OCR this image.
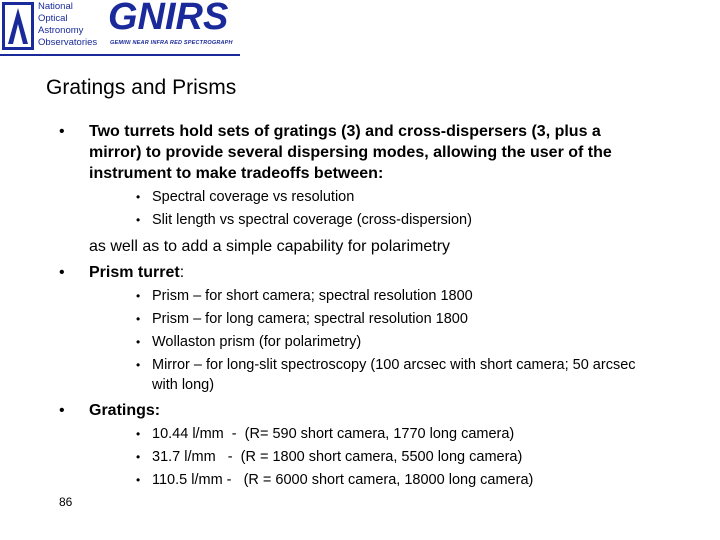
National
Optical
Astronomy
Observatories
GNIRS
GEMINI NEAR INFRA RED SPECTROGRAPH
Gratings and Prisms
• Two turrets hold sets of gratings (3) and cross-dispersers (3, plus a mirror) to provide several dispersing modes, allowing the user of the instrument to make tradeoffs between:
• Spectral coverage vs resolution
• Slit length vs spectral coverage (cross-dispersion)
as well as to add a simple capability for polarimetry
• Prism turret:
• Prism – for short camera; spectral resolution 1800
• Prism – for long camera; spectral resolution 1800
• Wollaston prism (for polarimetry)
• Mirror – for long-slit spectroscopy (100 arcsec with short camera; 50 arcsec with long)
• Gratings:
• 10.44 l/mm  -  (R= 590 short camera, 1770 long camera)
• 31.7 l/mm   -  (R = 1800 short camera, 5500 long camera)
• 110.5 l/mm -   (R = 6000 short camera, 18000 long camera)
86
